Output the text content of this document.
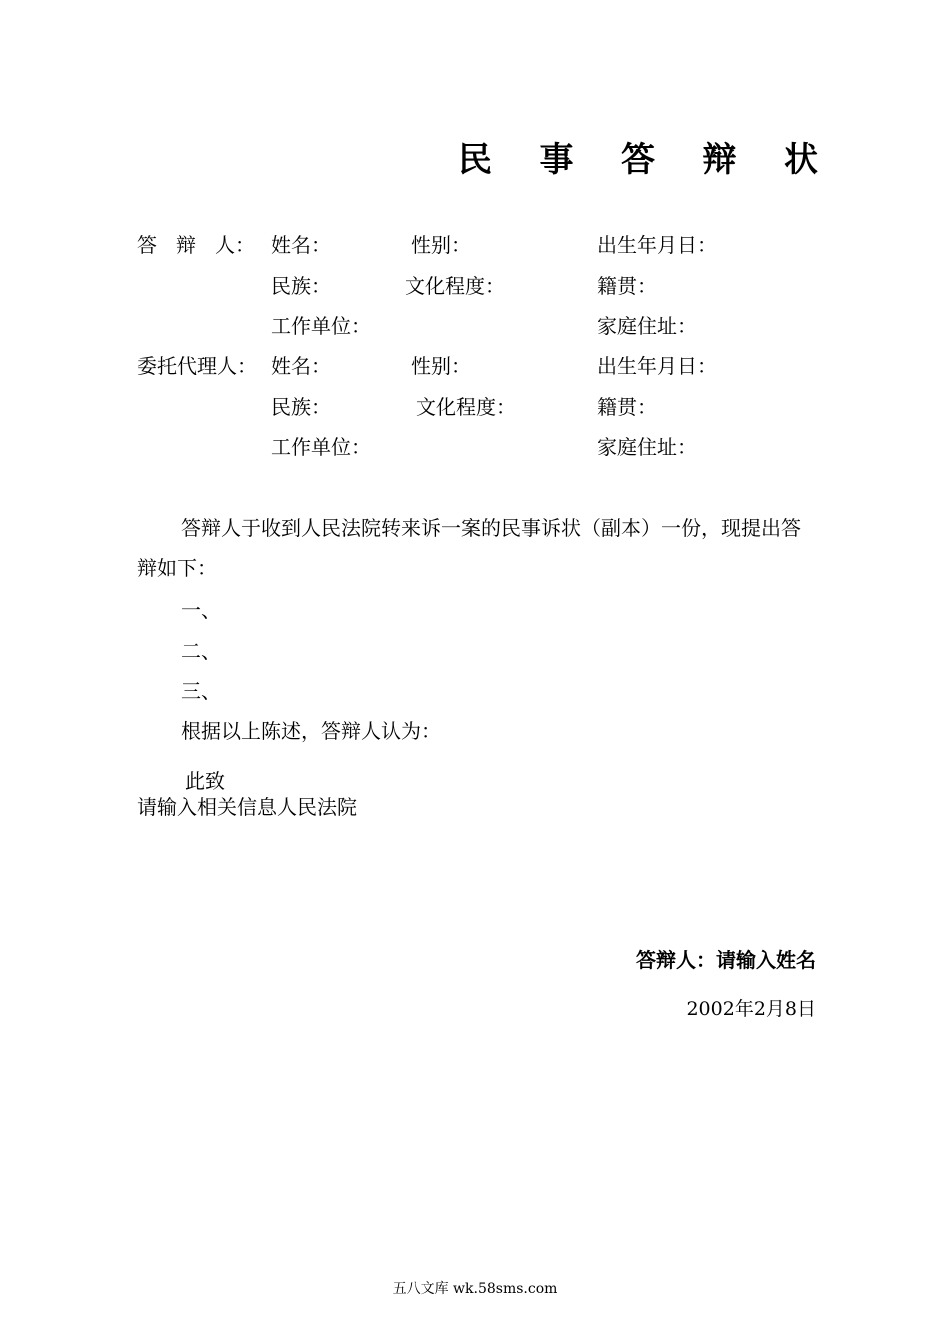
民 事 答 辩 状
答 辩 人： 姓名：	性别：	出生年月日：
民族：	文化程度：	籍贯：
工作单位：	家庭住址：
委托代理人： 姓名：	性别：	出生年月日：
民族：	文化程度：	籍贯：
工作单位：	家庭住址：
答辩人于收到人民法院转来诉一案的民事诉状（副本）一份，现提出答辩如下：
一、
二、
三、
根据以上陈述，答辩人认为：
此致
请输入相关信息人民法院
答辩人：请输入姓名
2002年2月8日
五八文库 wk.58sms.com
